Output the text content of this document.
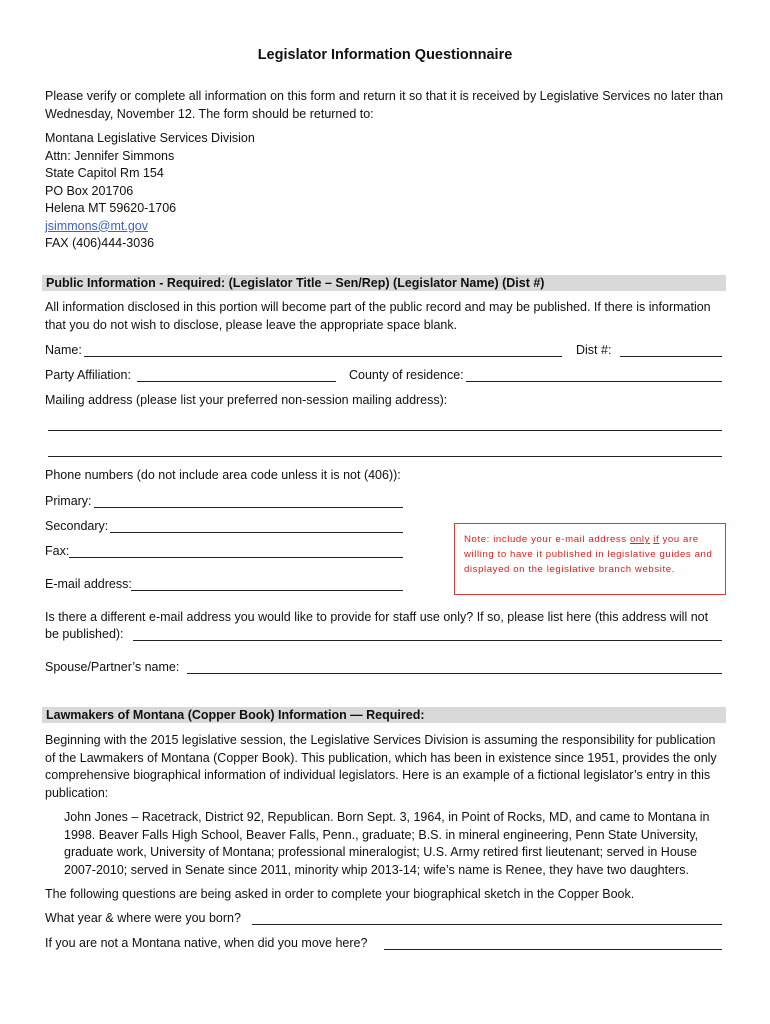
Legislator Information Questionnaire

Please verify or complete all information on this form and return it so that it is received by Legislative Services no later than Wednesday, November 12. The form should be returned to:

Montana Legislative Services Division
Attn: Jennifer Simmons
State Capitol Rm 154
PO Box 201706
Helena MT 59620-1706
jsimmons@mt.gov
FAX (406)444-3036
Public Information - Required: (Legislator Title – Sen/Rep) (Legislator Name) (Dist #)

All information disclosed in this portion will become part of the public record and may be published. If there is information that you do not wish to disclose, please leave the appropriate space blank.

Name:	Dist #:
Party Affiliation:	County of residence:
Mailing address (please list your preferred non-session mailing address):
Phone numbers (do not include area code unless it is not (406)):
Primary:
Secondary:
Fax:
E-mail address:
Note: include your e-mail address only if you are willing to have it published in legislative guides and displayed on the legislative branch website.
Is there a different e-mail address you would like to provide for staff use only? If so, please list here (this address will not
be published):
Spouse/Partner’s name:
Lawmakers of Montana (Copper Book) Information — Required:

Beginning with the 2015 legislative session, the Legislative Services Division is assuming the responsibility for publication of the Lawmakers of Montana (Copper Book). This publication, which has been in existence since 1951, provides the only comprehensive biographical information of individual legislators. Here is an example of a fictional legislator’s entry in this publication:

John Jones – Racetrack, District 92, Republican. Born Sept. 3, 1964, in Point of Rocks, MD, and came to Montana in 1998. Beaver Falls High School, Beaver Falls, Penn., graduate; B.S. in mineral engineering, Penn State University, graduate work, University of Montana; professional mineralogist; U.S. Army retired first lieutenant; served in House 2007-2010; served in Senate since 2011, minority whip 2013-14; wife’s name is Renee, they have two daughters.

The following questions are being asked in order to complete your biographical sketch in the Copper Book.

What year & where were you born?
If you are not a Montana native, when did you move here?
